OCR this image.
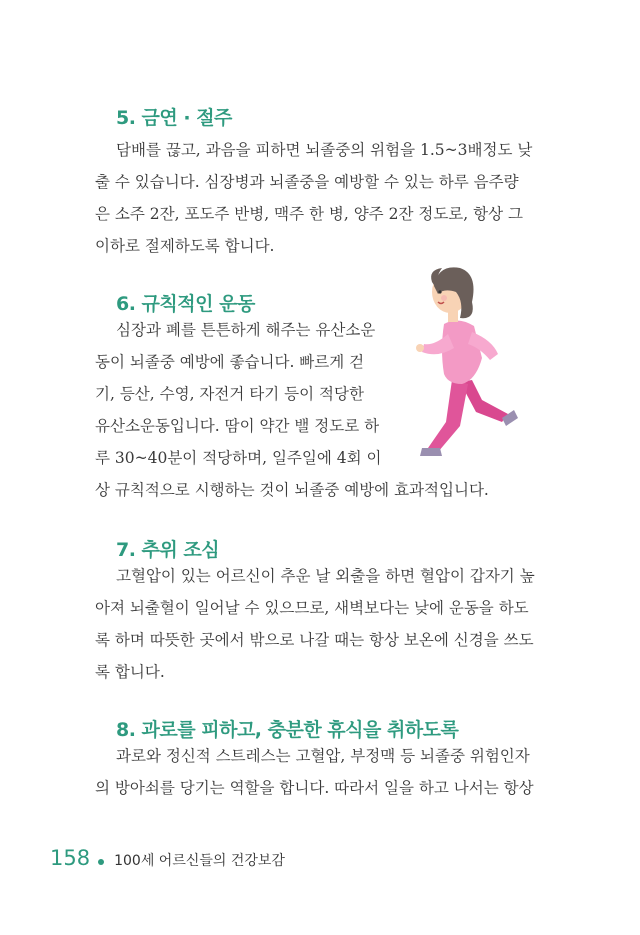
5. 금연 · 절주
담배를 끊고, 과음을 피하면 뇌졸중의 위험을 1.5~3배정도 낮
출 수 있습니다. 심장병과 뇌졸중을 예방할 수 있는 하루 음주량
은 소주 2잔, 포도주 반병, 맥주 한 병, 양주 2잔 정도로, 항상 그
이하로 절제하도록 합니다.
6. 규칙적인 운동
심장과 폐를 튼튼하게 해주는 유산소운
동이 뇌졸중 예방에 좋습니다. 빠르게 걷
기, 등산, 수영, 자전거 타기 등이 적당한
유산소운동입니다. 땀이 약간 밸 정도로 하
루 30~40분이 적당하며, 일주일에 4회 이
상 규칙적으로 시행하는 것이 뇌졸중 예방에 효과적입니다.
7. 추위 조심
고혈압이 있는 어르신이 추운 날 외출을 하면 혈압이 갑자기 높
아져 뇌출혈이 일어날 수 있으므로, 새벽보다는 낮에 운동을 하도
록 하며 따뜻한 곳에서 밖으로 나갈 때는 항상 보온에 신경을 쓰도
록 합니다.
8. 과로를 피하고, 충분한 휴식을 취하도록
과로와 정신적 스트레스는 고혈압, 부정맥 등 뇌졸중 위험인자
의 방아쇠를 당기는 역할을 합니다. 따라서 일을 하고 나서는 항상
158 100세 어르신들의 건강보감
